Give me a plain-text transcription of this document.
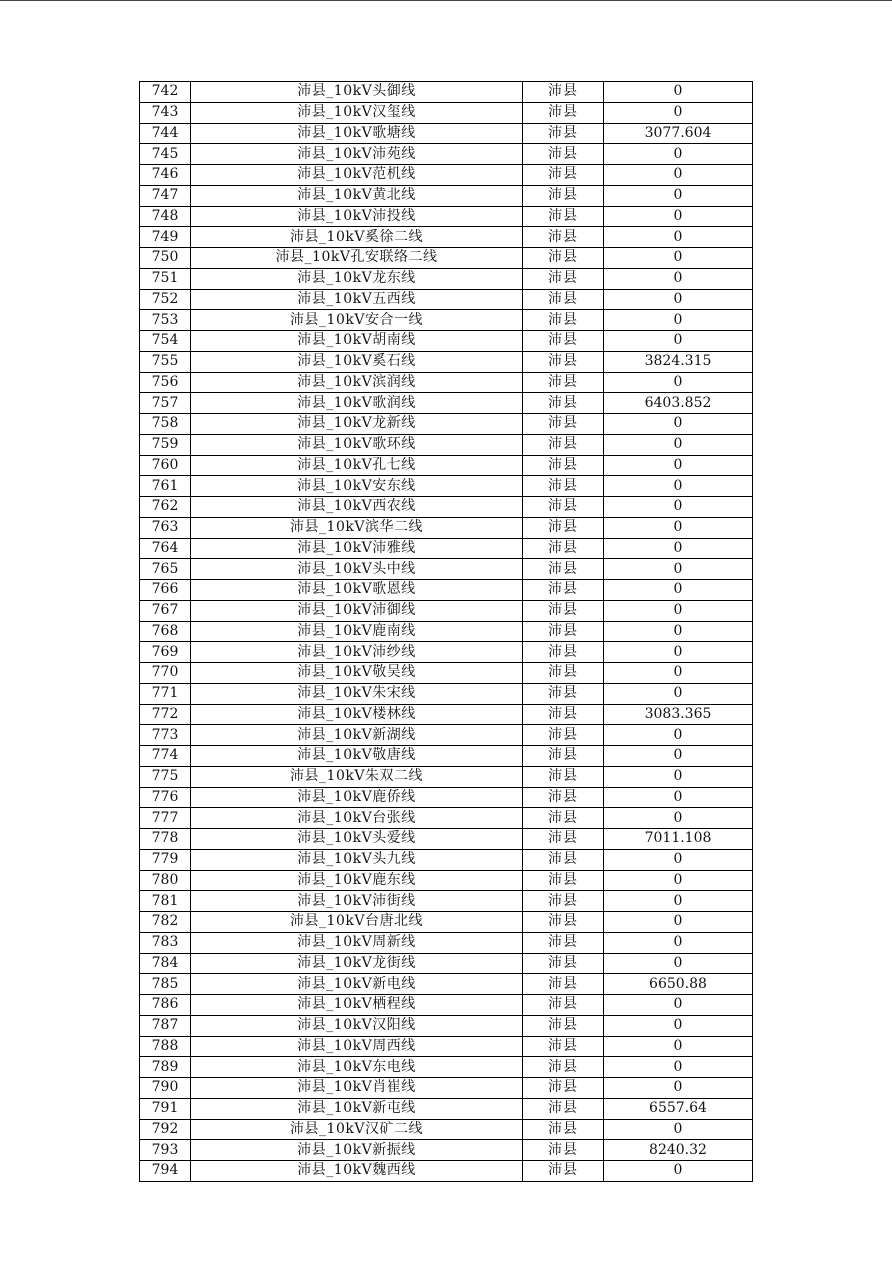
742	沛县_10kV头御线	沛县	0
743	沛县_10kV汉玺线	沛县	0
744	沛县_10kV歌塘线	沛县	3077.604
745	沛县_10kV沛苑线	沛县	0
746	沛县_10kV范机线	沛县	0
747	沛县_10kV黄北线	沛县	0
748	沛县_10kV沛投线	沛县	0
749	沛县_10kV奚徐二线	沛县	0
750	沛县_10kV孔安联络二线	沛县	0
751	沛县_10kV龙东线	沛县	0
752	沛县_10kV五西线	沛县	0
753	沛县_10kV安合一线	沛县	0
754	沛县_10kV胡南线	沛县	0
755	沛县_10kV奚石线	沛县	3824.315
756	沛县_10kV滨润线	沛县	0
757	沛县_10kV歌润线	沛县	6403.852
758	沛县_10kV龙新线	沛县	0
759	沛县_10kV歌环线	沛县	0
760	沛县_10kV孔七线	沛县	0
761	沛县_10kV安东线	沛县	0
762	沛县_10kV西农线	沛县	0
763	沛县_10kV滨华二线	沛县	0
764	沛县_10kV沛雅线	沛县	0
765	沛县_10kV头中线	沛县	0
766	沛县_10kV歌恩线	沛县	0
767	沛县_10kV沛御线	沛县	0
768	沛县_10kV鹿南线	沛县	0
769	沛县_10kV沛纱线	沛县	0
770	沛县_10kV敬吴线	沛县	0
771	沛县_10kV朱宋线	沛县	0
772	沛县_10kV楼林线	沛县	3083.365
773	沛县_10kV新湖线	沛县	0
774	沛县_10kV敬唐线	沛县	0
775	沛县_10kV朱双二线	沛县	0
776	沛县_10kV鹿侨线	沛县	0
777	沛县_10kV台张线	沛县	0
778	沛县_10kV头爱线	沛县	7011.108
779	沛县_10kV头九线	沛县	0
780	沛县_10kV鹿东线	沛县	0
781	沛县_10kV沛街线	沛县	0
782	沛县_10kV台唐北线	沛县	0
783	沛县_10kV周新线	沛县	0
784	沛县_10kV龙街线	沛县	0
785	沛县_10kV新电线	沛县	6650.88
786	沛县_10kV栖程线	沛县	0
787	沛县_10kV汉阳线	沛县	0
788	沛县_10kV周西线	沛县	0
789	沛县_10kV东电线	沛县	0
790	沛县_10kV肖崔线	沛县	0
791	沛县_10kV新屯线	沛县	6557.64
792	沛县_10kV汉矿二线	沛县	0
793	沛县_10kV新振线	沛县	8240.32
794	沛县_10kV魏西线	沛县	0
